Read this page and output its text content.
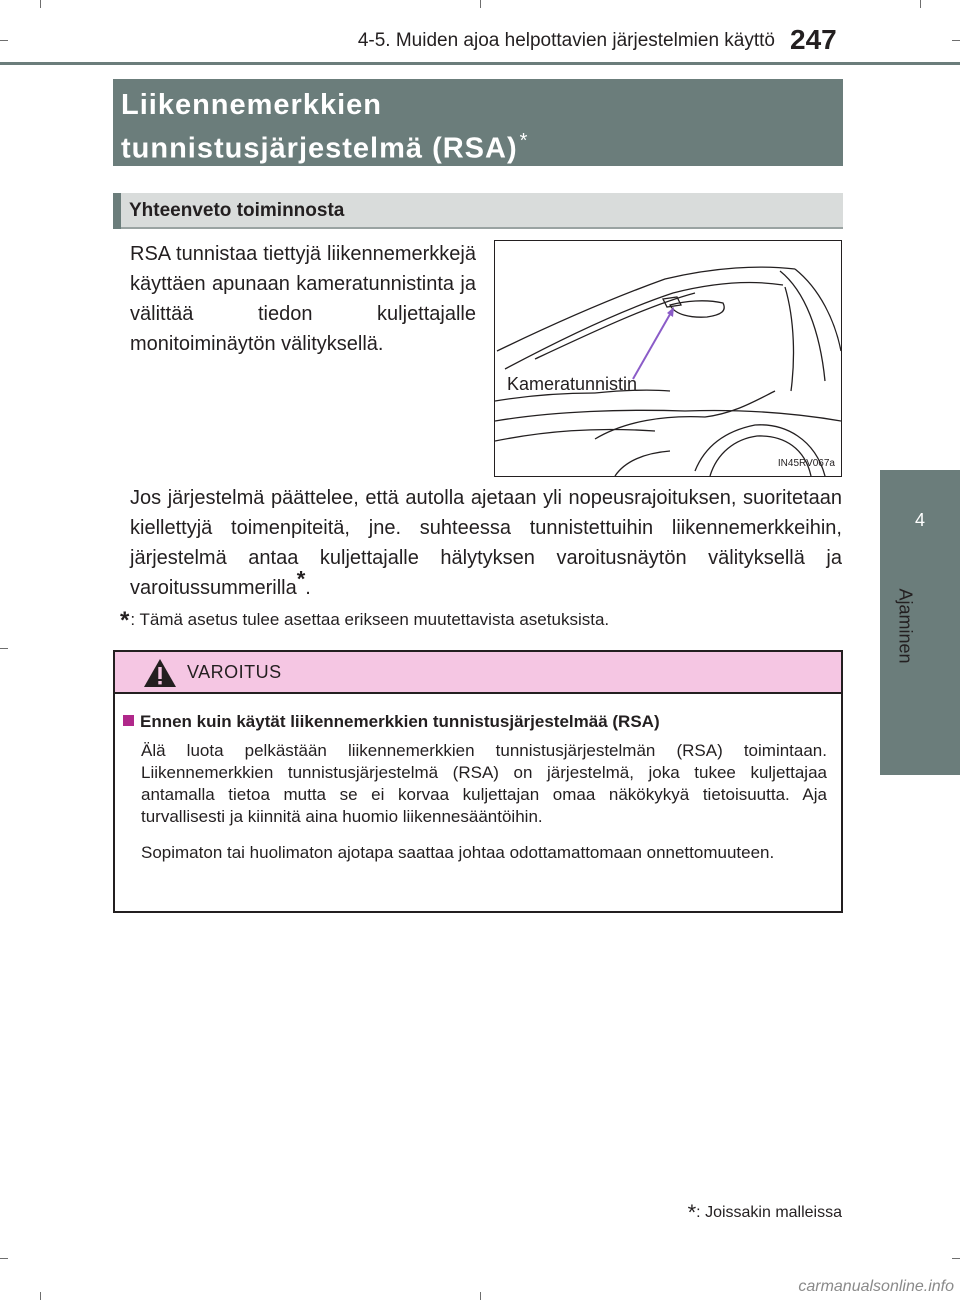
4-5. Muiden ajoa helpottavien järjestelmien käyttö 247
4
Ajaminen
Liikennemerkkien
tunnistusjärjestelmä (RSA) *
Yhteenveto toiminnosta
RSA tunnistaa tiettyjä liikennemerkkejä käyttäen apunaan kameratunnistinta ja välittää tiedon kuljettajalle monitoiminäytön välityksellä.
Kameratunnistin
IN45RV067a
Jos järjestelmä päättelee, että autolla ajetaan yli nopeusrajoituksen, suoritetaan kiellettyjä toimenpiteitä, jne. suhteessa tunnistettuihin liikennemerkkeihin, järjestelmä antaa kuljettajalle hälytyksen varoitusnäytön välityksellä ja varoitussummerilla*.
*: Tämä asetus tulee asettaa erikseen muutettavista asetuksista.
VAROITUS
Ennen kuin käytät liikennemerkkien tunnistusjärjestelmää (RSA)
Älä luota pelkästään liikennemerkkien tunnistusjärjestelmän (RSA) toimintaan. Liikennemerkkien tunnistusjärjestelmä (RSA) on järjestelmä, joka tukee kuljettajaa antamalla tietoa mutta se ei korvaa kuljettajan omaa näkökykyä tietoisuutta. Aja turvallisesti ja kiinnitä aina huomio liikennesääntöihin.
Sopimaton tai huolimaton ajotapa saattaa johtaa odottamattomaan onnettomuuteen.
*: Joissakin malleissa
carmanualsonline.info
